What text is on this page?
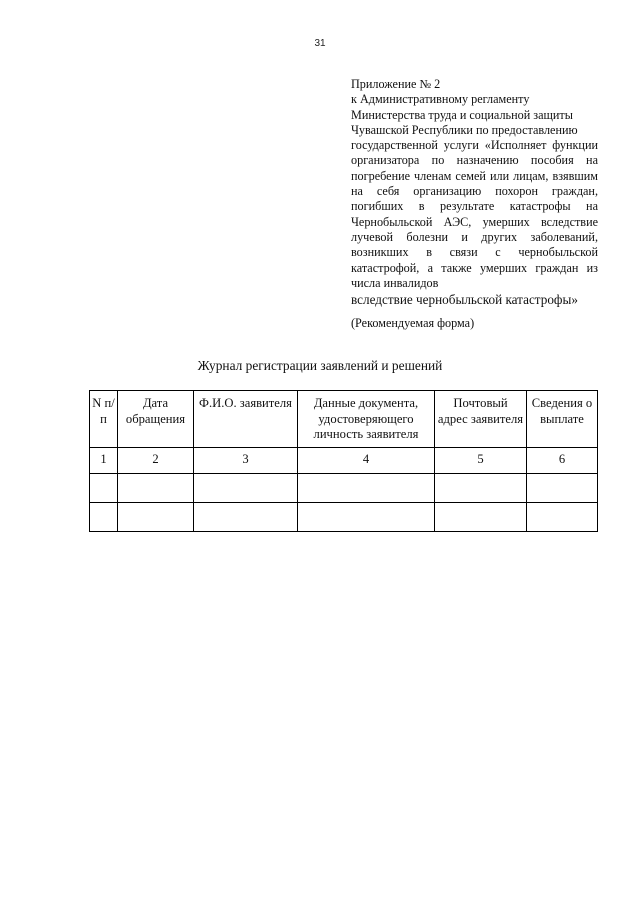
31
Приложение № 2
к Административному регламенту
Министерства труда и социальной защиты
Чувашской Республики по предоставлению
государственной услуги «Исполняет функции организатора по назначению пособия на погребение членам семей или лицам, взявшим на себя организацию похорон граждан, погибших в результате катастрофы на Чернобыльской АЭС, умерших вследствие лучевой болезни и других заболеваний, возникших в связи с чернобыльской катастрофой, а также умерших граждан из числа инвалидов
вследствие чернобыльской катастрофы»
(Рекомендуемая форма)
Журнал регистрации заявлений и решений
N п/п	Дата обращения	Ф.И.О. заявителя	Данные документа, удостоверяющего личность заявителя	Почтовый адрес заявителя	Сведения о выплате
1	2	3	4	5	6
